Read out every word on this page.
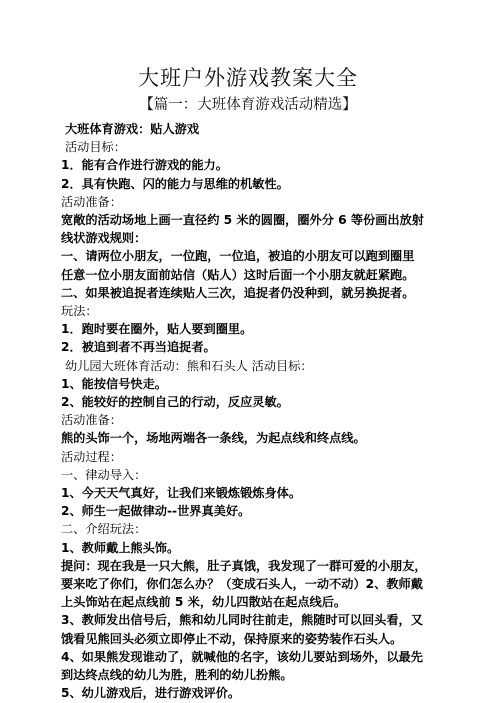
大班户外游戏教案大全
【篇一：大班体育游戏活动精选】
大班体育游戏：贴人游戏
活动目标：
1．能有合作进行游戏的能力。
2．具有快跑、闪的能力与思维的机敏性。
活动准备：
宽敞的活动场地上画一直径约 5 米的圆圈，圈外分 6 等份画出放射
线状游戏规则：
一、请两位小朋友，一位跑，一位追，被追的小朋友可以跑到圈里
任意一位小朋友面前站信（贴人）这时后面一个小朋友就赶紧跑。
二、如果被追捉者连续贴人三次，追捉者仍没种到，就另换捉者。
玩法：
1．跑时要在圈外，贴人要到圈里。
2．被追到者不再当追捉者。
幼儿园大班体育活动：熊和石头人 活动目标：
1、能按信号快走。
2、能较好的控制自己的行动，反应灵敏。
活动准备：
熊的头饰一个，场地两端各一条线，为起点线和终点线。
活动过程：
一、律动导入：
1、今天天气真好，让我们来锻炼锻炼身体。
2、师生一起做律动--世界真美好。
二、介绍玩法：
1、教师戴上熊头饰。
提问：现在我是一只大熊，肚子真饿，我发现了一群可爱的小朋友，
要来吃了你们，你们怎么办？（变成石头人，一动不动）2、教师戴
上头饰站在起点线前 5 米，幼儿四散站在起点线后。
3、教师发出信号后，熊和幼儿同时往前走，熊随时可以回头看，又
饿看见熊回头必须立即停止不动，保持原来的姿势装作石头人。
4、如果熊发现谁动了，就喊他的名字，该幼儿要站到场外，以最先
到达终点线的幼儿为胜，胜利的幼儿扮熊。
5、幼儿游戏后，进行游戏评价。
